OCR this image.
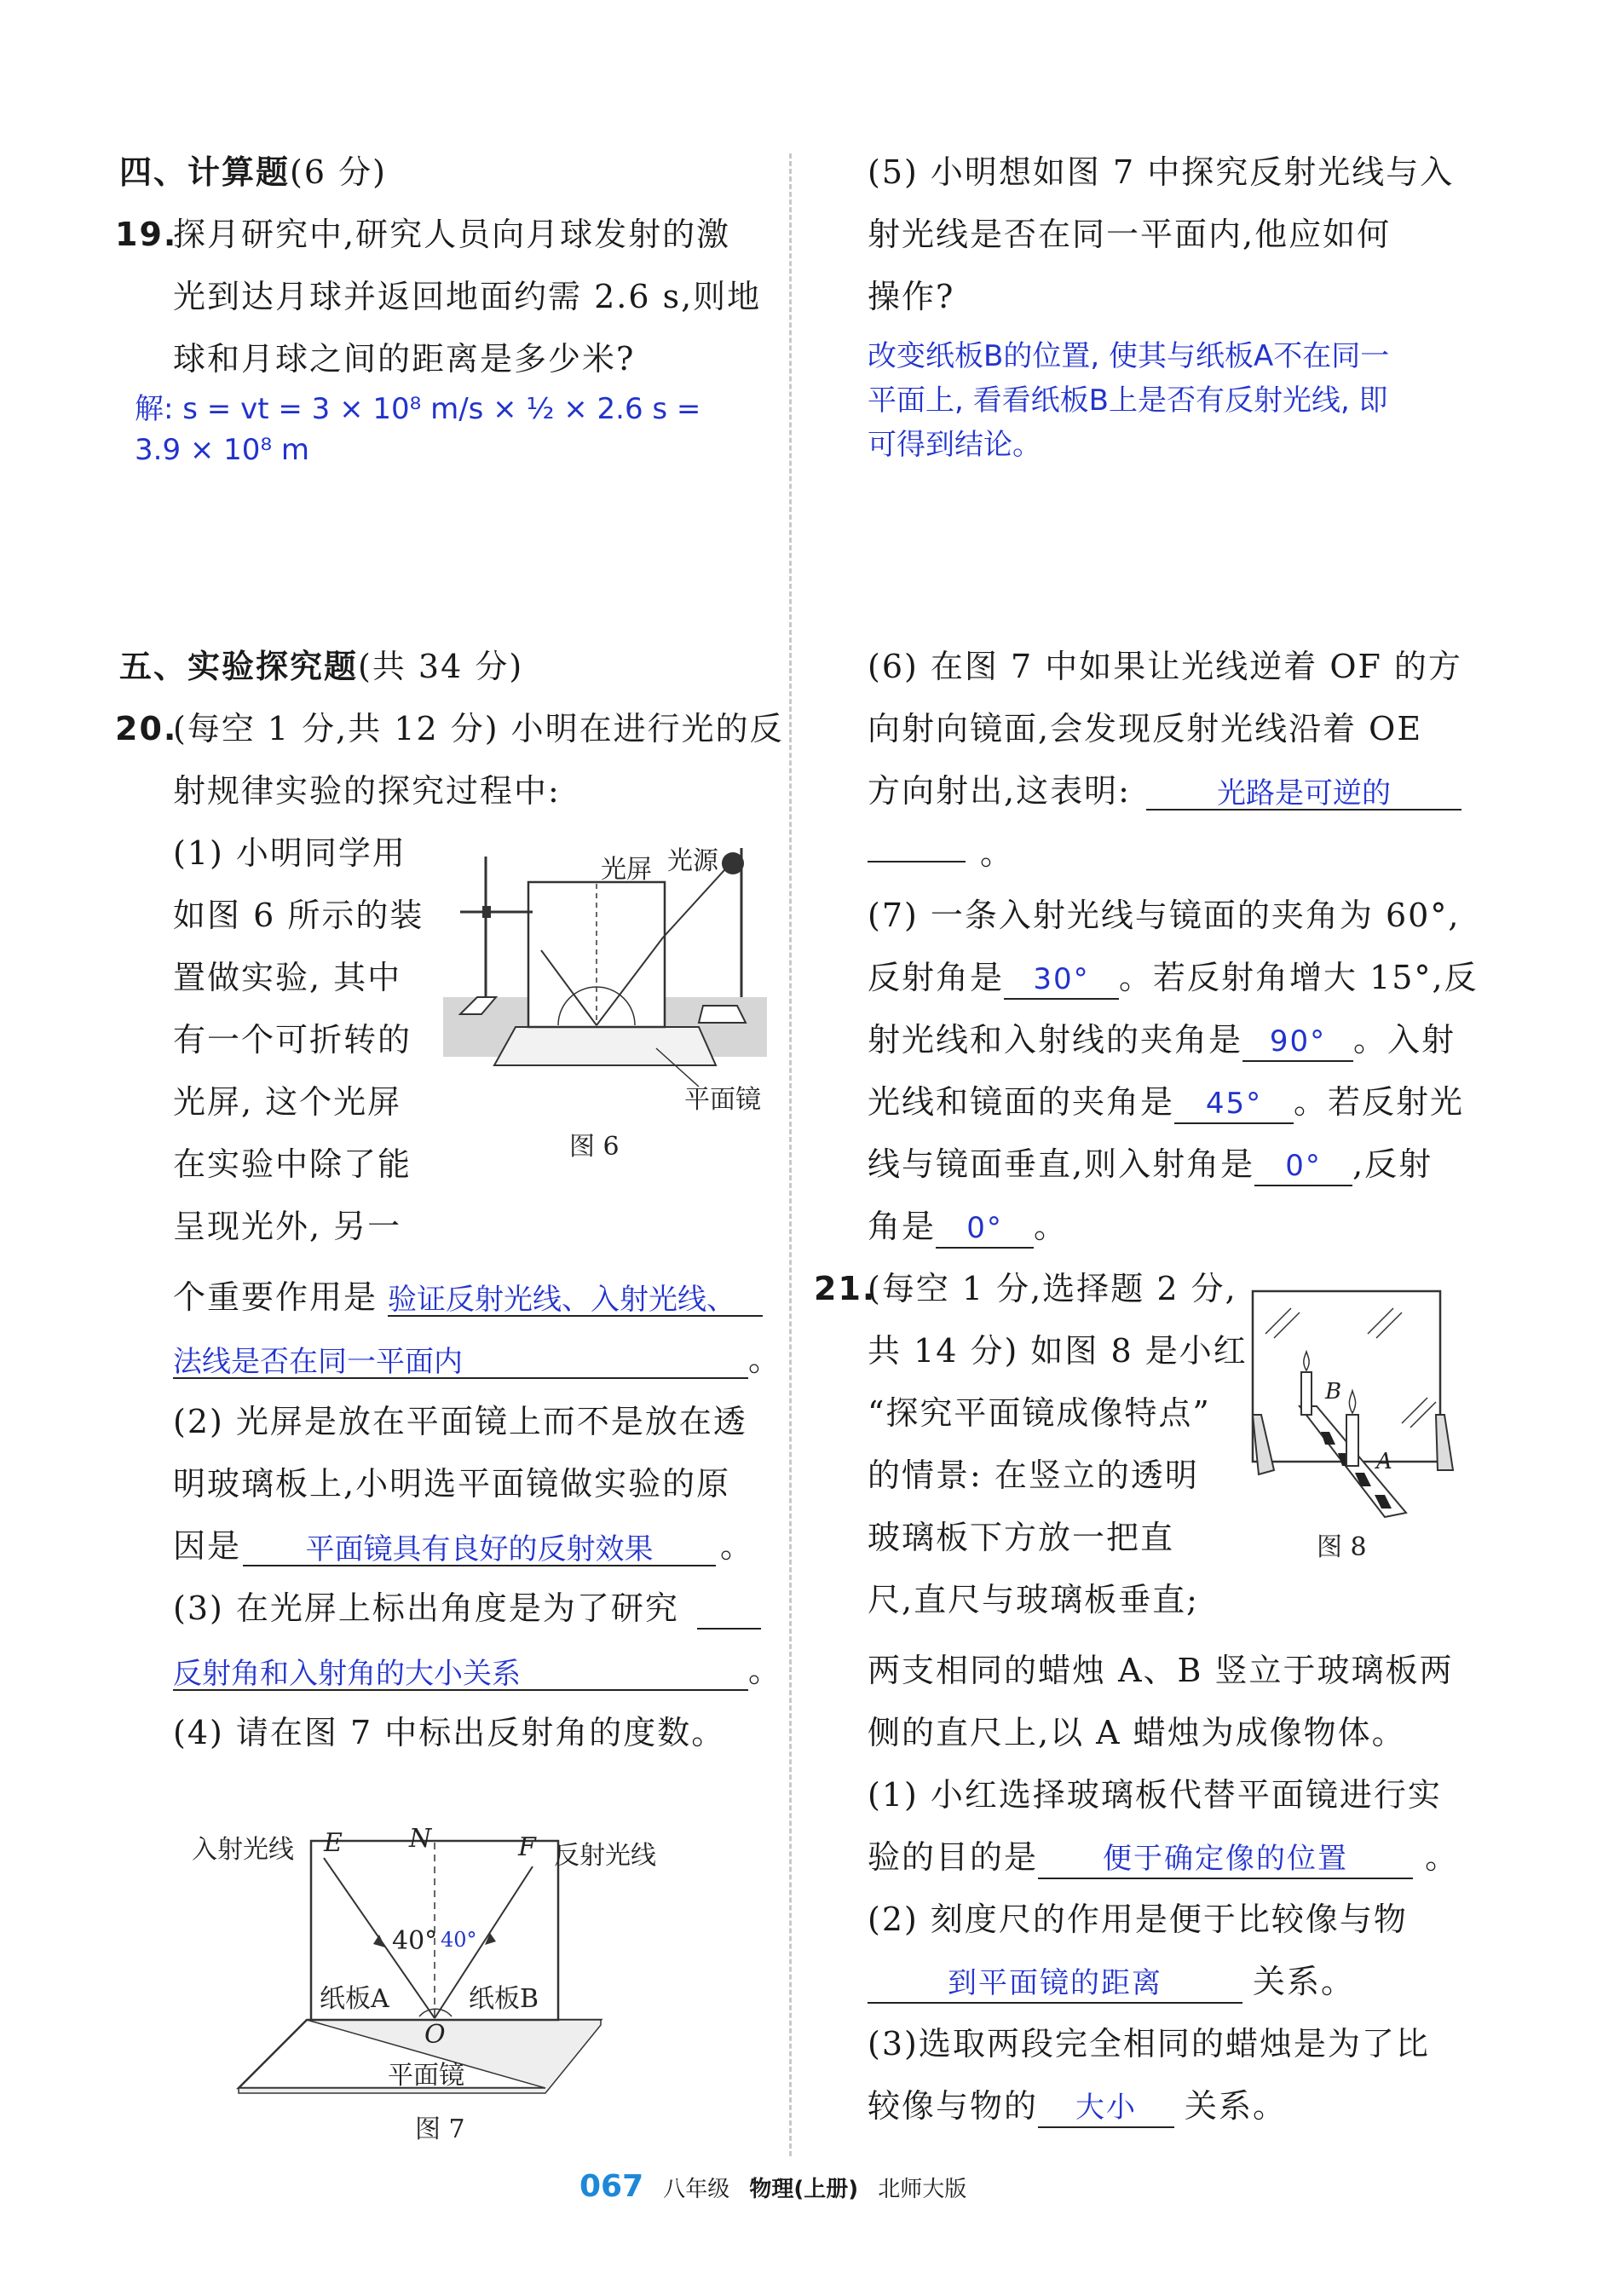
四、计算题(6 分)
19.
探月研究中,研究人员向月球发射的激
光到达月球并返回地面约需 2.6 s,则地
球和月球之间的距离是多少米?
解: s = vt = 3 × 10⁸ m/s × ½ × 2.6 s =
3.9 × 10⁸ m
五、实验探究题(共 34 分)
20.
(每空 1 分,共 12 分) 小明在进行光的反
射规律实验的探究过程中:
(1) 小明同学用
如图 6 所示的装
置做实验, 其中
有一个可折转的
光屏, 这个光屏
在实验中除了能
呈现光外, 另一
光屏 光源
平面镜
图 6
个重要作用是 验证反射光线、入射光线、
法线是否在同一平面内	。
(2) 光屏是放在平面镜上而不是放在透
明玻璃板上,小明选平面镜做实验的原
因是	平面镜具有良好的反射效果	。
(3) 在光屏上标出角度是为了研究
反射角和入射角的大小关系	。
(4) 请在图 7 中标出反射角的度数。
入射光线 E	N	F 反射光线
40° 40°
纸板A	纸板B
O
平面镜
图 7
(5) 小明想如图 7 中探究反射光线与入
射光线是否在同一平面内,他应如何
操作?
改变纸板B的位置, 使其与纸板A不在同一
平面上, 看看纸板B上是否有反射光线, 即
可得到结论。
(6) 在图 7 中如果让光线逆着 OF 的方
向射向镜面,会发现反射光线沿着 OE
方向射出,这表明:	光路是可逆的
。
(7) 一条入射光线与镜面的夹角为 60°,
反射角是 30° 。若反射角增大 15°,反
射光线和入射线的夹角是 90° 。入射
光线和镜面的夹角是 45° 。若反射光
线与镜面垂直,则入射角是 0° ,反射
角是 0° 。
21.
(每空 1 分,选择题 2 分,
共 14 分) 如图 8 是小红
“探究平面镜成像特点”
的情景: 在竖立的透明
玻璃板下方放一把直
尺,直尺与玻璃板垂直;
B
A
图 8
两支相同的蜡烛 A、B 竖立于玻璃板两
侧的直尺上,以 A 蜡烛为成像物体。
(1) 小红选择玻璃板代替平面镜进行实
验的目的是 便于确定像的位置 。
(2) 刻度尺的作用是便于比较像与物
到平面镜的距离	关系。
(3)选取两段完全相同的蜡烛是为了比
较像与物的 大小 关系。
067 八年级 物理(上册) 北师大版
